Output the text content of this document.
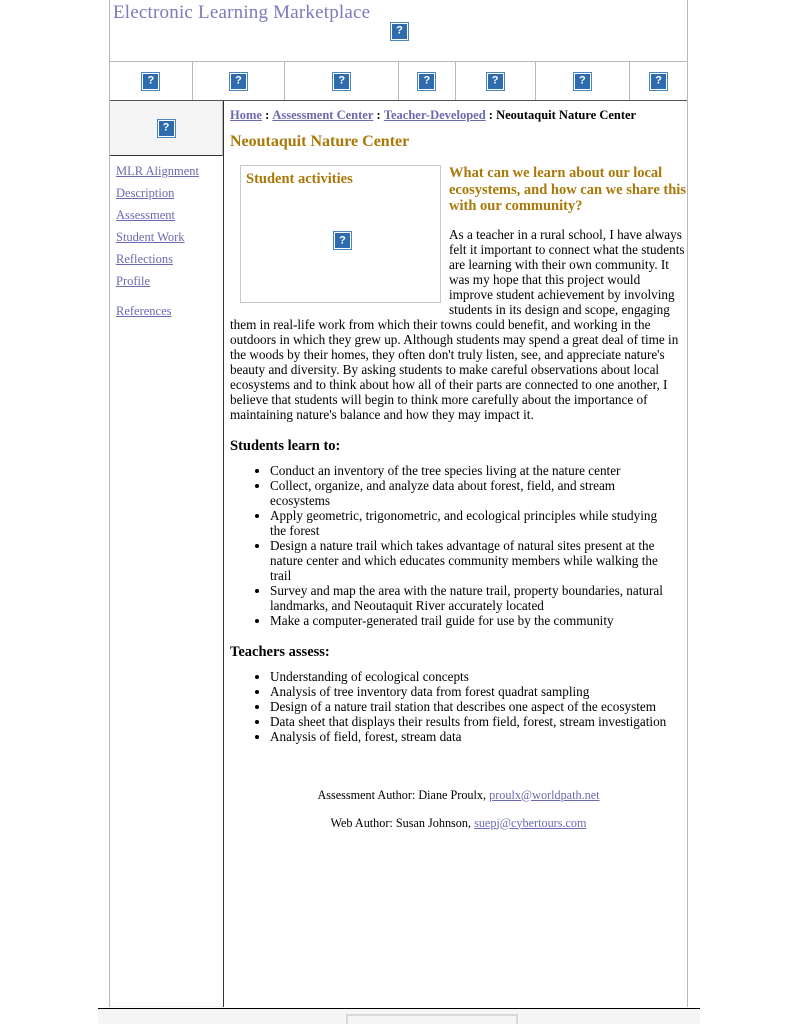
Electronic Learning Marketplace
?
?
?
?
?
?
?
?
?
MLR Alignment
Description
Assessment
Student Work
Reflections
Profile
References
Home : Assessment Center : Teacher-Developed : Neoutaquit Nature Center
Neoutaquit Nature Center
Student activities
?	What can we learn about our local ecosystems, and how can we share this with our community?

As a teacher in a rural school, I have always felt it important to connect what the students are learning with their own community. It was my hope that this project would improve student achievement by involving students in its design and scope, engaging them in real-life work from which their towns could benefit, and working in the outdoors in which they grew up. Although students may spend a great deal of time in the woods by their homes, they often don't truly listen, see, and appreciate nature's beauty and diversity. By asking students to make careful observations about local ecosystems and to think about how all of their parts are connected to one another, I believe that students will begin to think more carefully about the importance of maintaining nature's balance and how they may impact it.

Students learn to:
• Conduct an inventory of the tree species living at the nature center
• Collect, organize, and analyze data about forest, field, and stream ecosystems
• Apply geometric, trigonometric, and ecological principles while studying the forest
• Design a nature trail which takes advantage of natural sites present at the nature center and which educates community members while walking the trail
• Survey and map the area with the nature trail, property boundaries, natural landmarks, and Neoutaquit River accurately located
• Make a computer-generated trail guide for use by the community
Teachers assess:
• Understanding of ecological concepts
• Analysis of tree inventory data from forest quadrat sampling
• Design of a nature trail station that describes one aspect of the ecosystem
• Data sheet that displays their results from field, forest, stream investigation
• Analysis of field, forest, stream data
Assessment Author: Diane Proulx, proulx@worldpath.net
Web Author: Susan Johnson, suepj@cybertours.com
